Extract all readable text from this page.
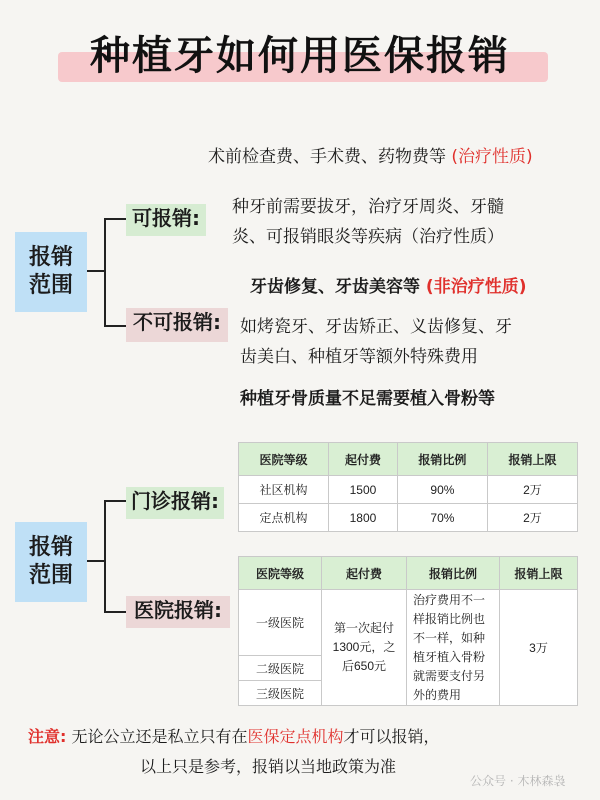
种植牙如何用医保报销
报销
范围
术前检查费、手术费、药物费等 (治疗性质)
可报销:	种牙前需要拔牙，治疗牙周炎、牙髓
炎、可报销眼炎等疾病（治疗性质）
牙齿修复、牙齿美容等 (非治疗性质)
不可报销:	如烤瓷牙、牙齿矫正、义齿修复、牙
齿美白、种植牙等额外特殊费用
种植牙骨质量不足需要植入骨粉等
报销
范围
门诊报销:
医院等级	起付费	报销比例	报销上限
社区机构	1500	90%	2万
定点机构	1800	70%	2万
医院报销:
医院等级	起付费	报销比例	报销上限
一级医院	第一次起付1300元，之后650元	治疗费用不一样报销比例也不一样，如种植牙植入骨粉就需要支付另外的费用	3万
二级医院			
三级医院			
注意: 无论公立还是私立只有在医保定点机构才可以报销，
以上只是参考，报销以当地政策为准
公众号 · 木林森袅
